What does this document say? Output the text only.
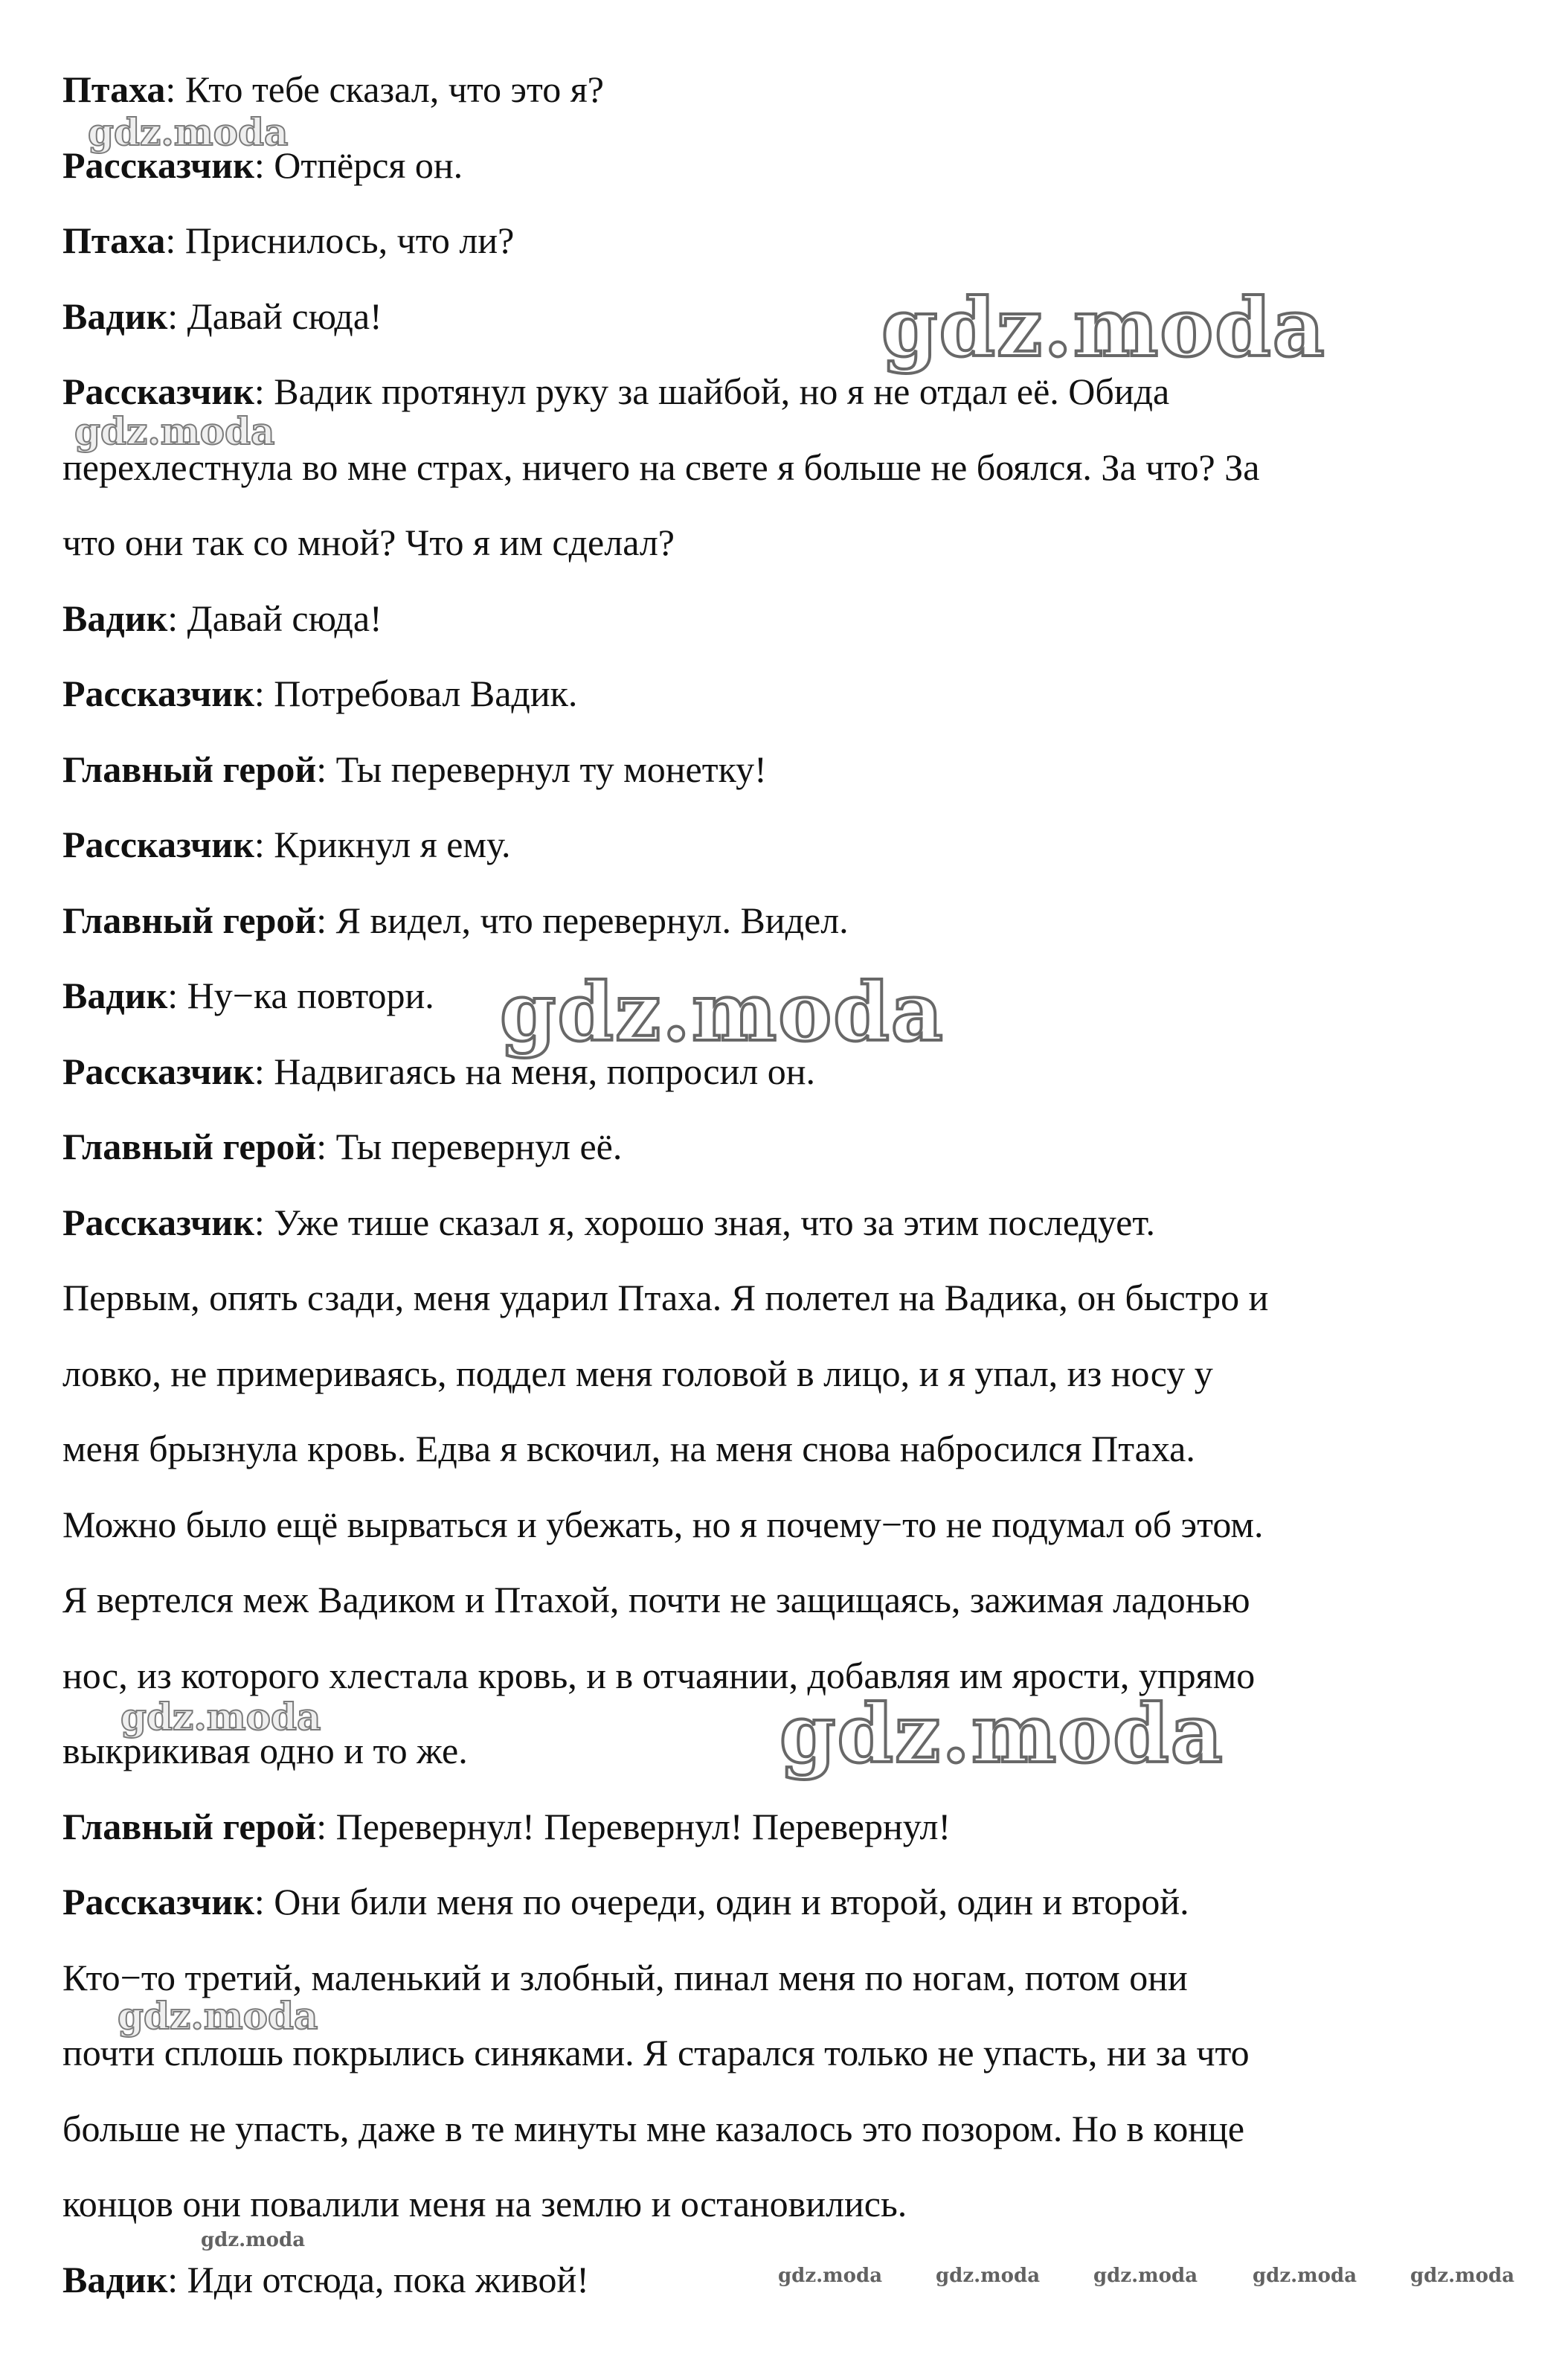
Птаха: Кто тебе сказал, что это я?
Рассказчик: Отпёрся он.
Птаха: Приснилось, что ли?
Вадик: Давай сюда!
Рассказчик: Вадик протянул руку за шайбой, но я не отдал её. Обида
перехлестнула во мне страх, ничего на свете я больше не боялся. За что? За
что они так со мной? Что я им сделал?
Вадик: Давай сюда!
Рассказчик: Потребовал Вадик.
Главный герой: Ты перевернул ту монетку!
Рассказчик: Крикнул я ему.
Главный герой: Я видел, что перевернул. Видел.
Вадик: Ну−ка повтори.
Рассказчик: Надвигаясь на меня, попросил он.
Главный герой: Ты перевернул её.
Рассказчик: Уже тише сказал я, хорошо зная, что за этим последует.
Первым, опять сзади, меня ударил Птаха. Я полетел на Вадика, он быстро и
ловко, не примериваясь, поддел меня головой в лицо, и я упал, из носу у
меня брызнула кровь. Едва я вскочил, на меня снова набросился Птаха.
Можно было ещё вырваться и убежать, но я почему−то не подумал об этом.
Я вертелся меж Вадиком и Птахой, почти не защищаясь, зажимая ладонью
нос, из которого хлестала кровь, и в отчаянии, добавляя им ярости, упрямо
выкрикивая одно и то же.
Главный герой: Перевернул! Перевернул! Перевернул!
Рассказчик: Они били меня по очереди, один и второй, один и второй.
Кто−то третий, маленький и злобный, пинал меня по ногам, потом они
почти сплошь покрылись синяками. Я старался только не упасть, ни за что
больше не упасть, даже в те минуты мне казалось это позором. Но в конце
концов они повалили меня на землю и остановились.
Вадик: Иди отсюда, пока живой!
gdz.moda
gdz.moda
gdz.moda
gdz.moda
gdz.moda	gdz.moda
gdz.moda
gdz.moda
gdz.moda	gdz.moda	gdz.moda	gdz.moda	gdz.moda
